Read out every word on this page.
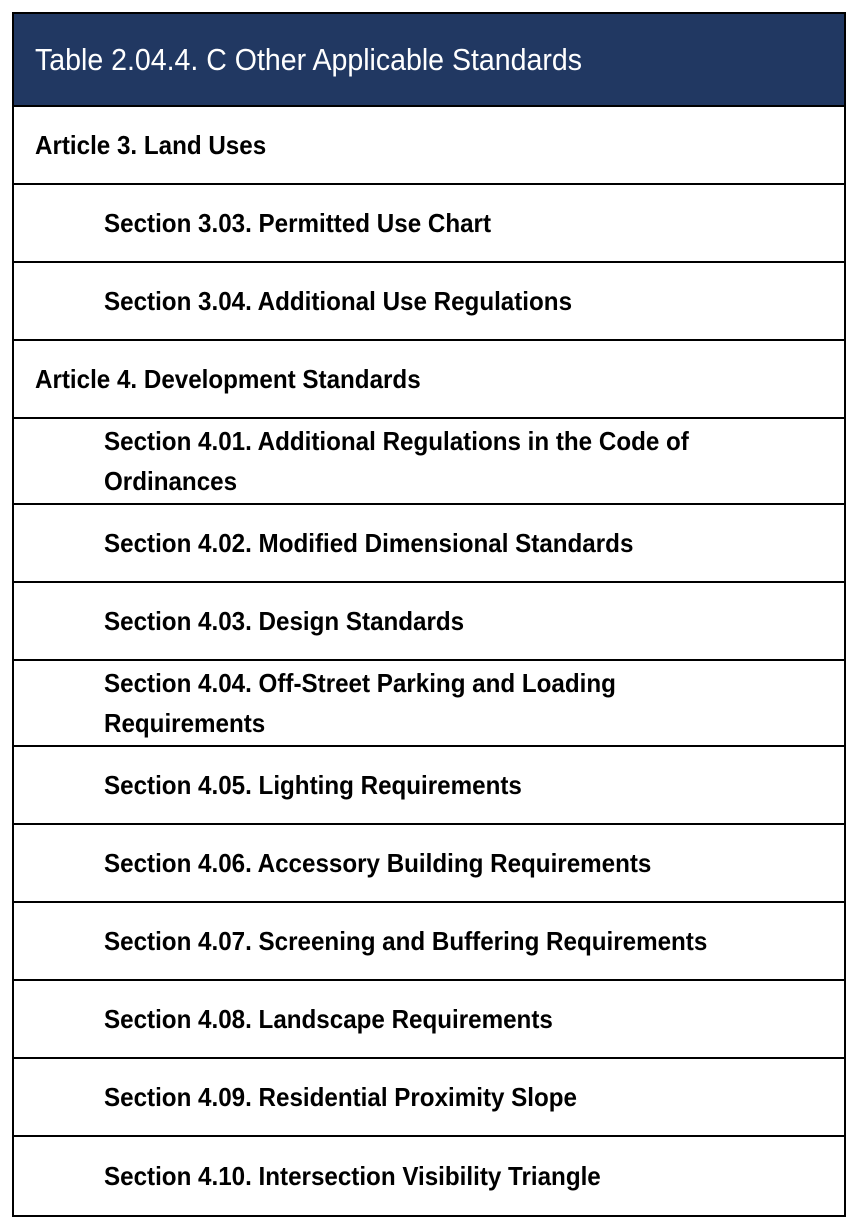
Table 2.04.4. C Other Applicable Standards
Article 3. Land Uses
Section 3.03. Permitted Use Chart
Section 3.04. Additional Use Regulations
Article 4. Development Standards
Section 4.01. Additional Regulations in the Code of Ordinances
Section 4.02. Modified Dimensional Standards
Section 4.03. Design Standards
Section 4.04. Off-Street Parking and Loading Requirements
Section 4.05. Lighting Requirements
Section 4.06. Accessory Building Requirements
Section 4.07. Screening and Buffering Requirements
Section 4.08. Landscape Requirements
Section 4.09. Residential Proximity Slope
Section 4.10. Intersection Visibility Triangle
